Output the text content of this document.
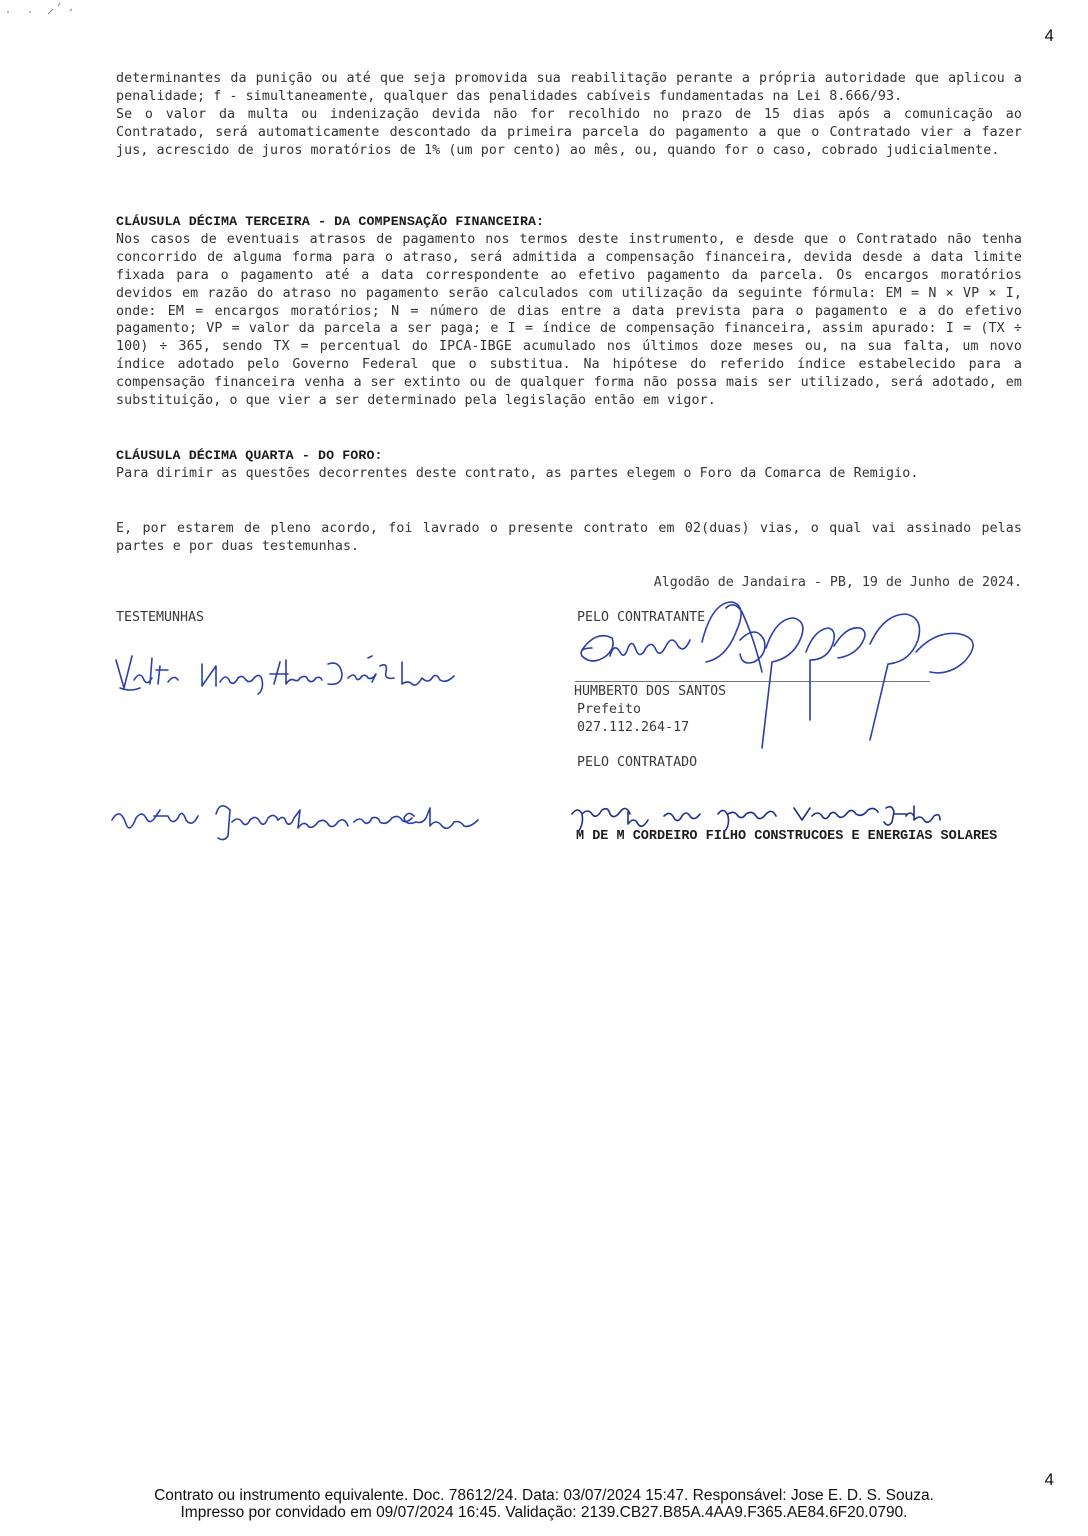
4

determinantes da punição ou até que seja promovida sua reabilitação perante a própria autoridade que aplicou a penalidade; f - simultaneamente, qualquer das penalidades cabíveis fundamentadas na Lei 8.666/93.

Se o valor da multa ou indenização devida não for recolhido no prazo de 15 dias após a comunicação ao Contratado, será automaticamente descontado da primeira parcela do pagamento a que o Contratado vier a fazer jus, acrescido de juros moratórios de 1% (um por cento) ao mês, ou, quando for o caso, cobrado judicialmente.

CLÁUSULA DÉCIMA TERCEIRA - DA COMPENSAÇÃO FINANCEIRA:

Nos casos de eventuais atrasos de pagamento nos termos deste instrumento, e desde que o Contratado não tenha concorrido de alguma forma para o atraso, será admitida a compensação financeira, devida desde a data limite fixada para o pagamento até a data correspondente ao efetivo pagamento da parcela. Os encargos moratórios devidos em razão do atraso no pagamento serão calculados com utilização da seguinte fórmula: EM = N × VP × I, onde: EM = encargos moratórios; N = número de dias entre a data prevista para o pagamento e a do efetivo pagamento; VP = valor da parcela a ser paga; e I = índice de compensação financeira, assim apurado: I = (TX ÷ 100) ÷ 365, sendo TX = percentual do IPCA-IBGE acumulado nos últimos doze meses ou, na sua falta, um novo índice adotado pelo Governo Federal que o substitua. Na hipótese do referido índice estabelecido para a compensação financeira venha a ser extinto ou de qualquer forma não possa mais ser utilizado, será adotado, em substituição, o que vier a ser determinado pela legislação então em vigor.

CLÁUSULA DÉCIMA QUARTA - DO FORO:

Para dirimir as questões decorrentes deste contrato, as partes elegem o Foro da Comarca de Remigio.

E, por estarem de pleno acordo, foi lavrado o presente contrato em 02(duas) vias, o qual vai assinado pelas partes e por duas testemunhas.

Algodão de Jandaira - PB, 19 de Junho de 2024.
TESTEMUNHAS	PELO CONTRATANTE
HUMBERTO DOS SANTOS
Prefeito
027.112.264-17
PELO CONTRATADO
M DE M CORDEIRO FILHO CONSTRUCOES E ENERGIAS SOLARES
4
Contrato ou instrumento equivalente. Doc. 78612/24. Data: 03/07/2024 15:47. Responsável: Jose E. D. S. Souza.
Impresso por convidado em 09/07/2024 16:45. Validação: 2139.CB27.B85A.4AA9.F365.AE84.6F20.0790.
